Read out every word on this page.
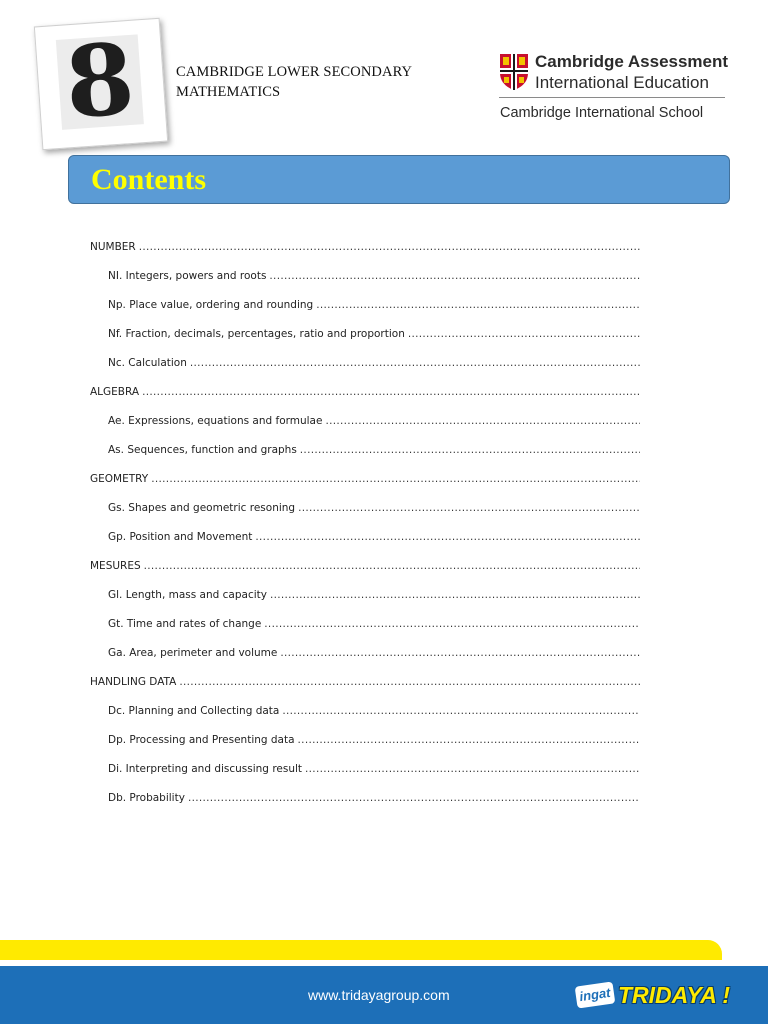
8	CAMBRIDGE LOWER SECONDARY
MATHEMATICS
Cambridge Assessment
International Education
Cambridge International School
Contents
NUMBER
.....
NI. Integers, powers and roots
.....
Np. Place value, ordering and rounding
.....
Nf. Fraction, decimals, percentages, ratio and proportion
.....
Nc. Calculation
.....
ALGEBRA
.....
Ae. Expressions, equations and formulae
.....
As. Sequences, function and graphs
.....
GEOMETRY
.....
Gs. Shapes and geometric resoning
.....
Gp. Position and Movement
.....
MESURES
.....
Gl. Length, mass and capacity
.....
Gt. Time and rates of change
.....
Ga. Area, perimeter and volume
.....
HANDLING DATA
.....
Dc. Planning and Collecting data
.....
Dp. Processing and Presenting data
.....
Di. Interpreting and discussing result
.....
Db. Probability
.....
www.tridayagroup.com	ingat TRIDAYA !
